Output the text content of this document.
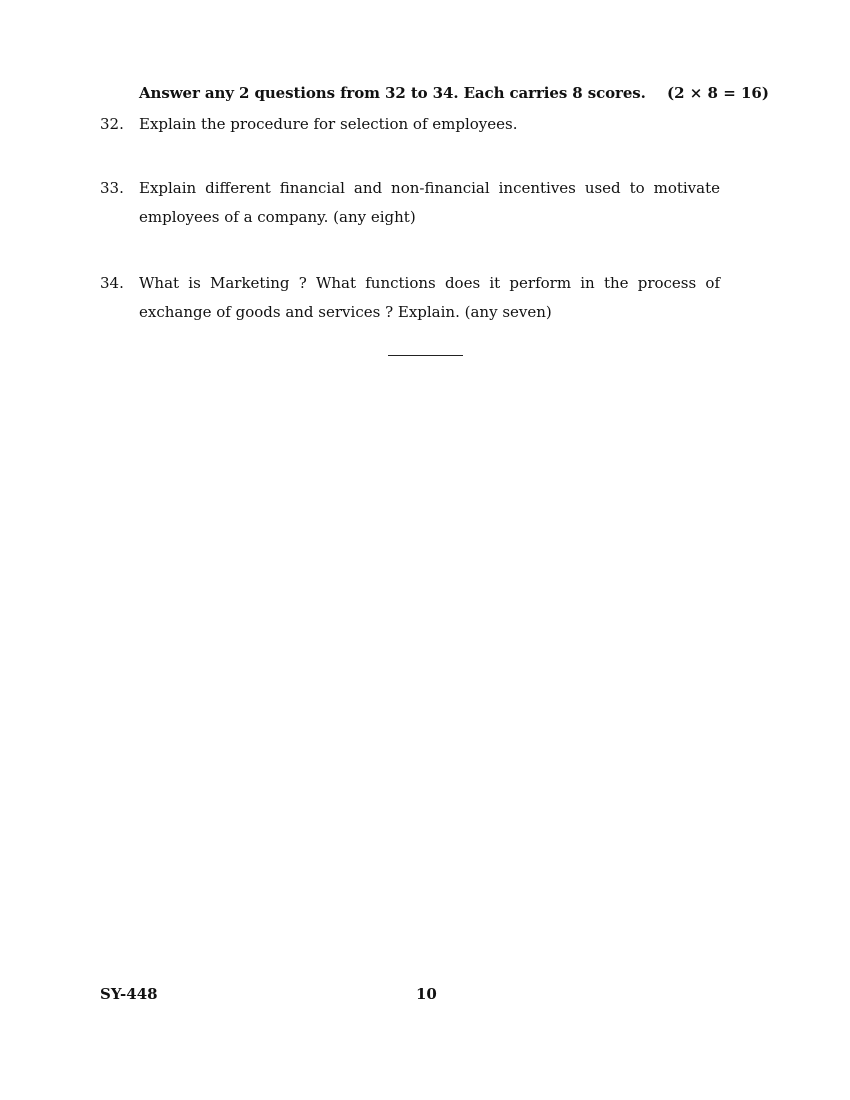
Answer any 2 questions from 32 to 34. Each carries 8 scores. (2 × 8 = 16)
32.	Explain the procedure for selection of employees.
33.	Explain different financial and non-financial incentives used to motivate employees of a company. (any eight)
34.	What is Marketing ? What functions does it perform in the process of exchange of goods and services ? Explain. (any seven)
SY-448	10
